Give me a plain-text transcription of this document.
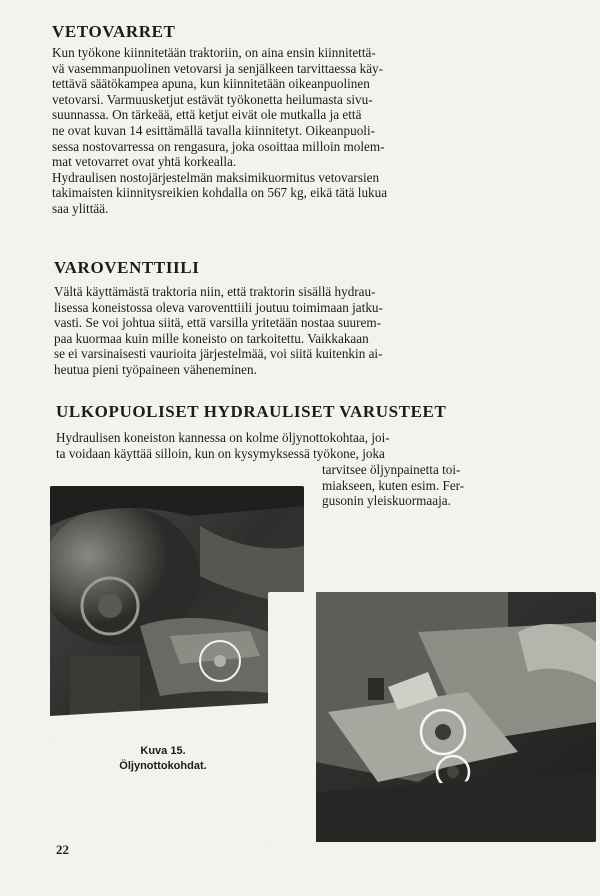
VETOVARRET
Kun työkone kiinnitetään traktoriin, on aina ensin kiinnitettä-
vä vasemmanpuolinen vetovarsi ja senjälkeen tarvittaessa käy-
tettävä säätökampea apuna, kun kiinnitetään oikeanpuolinen
vetovarsi. Varmuusketjut estävät työkonetta heilumasta sivu-
suunnassa. On tärkeää, että ketjut eivät ole mutkalla ja että
ne ovat kuvan 14 esittämällä tavalla kiinnitetyt. Oikeanpuoli-
sessa nostovarressa on rengasura, joka osoittaa milloin molem-
mat vetovarret ovat yhtä korkealla.
Hydraulisen nostojärjestelmän maksimikuormitus vetovarsien
takimaisten kiinnitysreikien kohdalla on 567 kg, eikä tätä lukua
saa ylittää.
VAROVENTTIILI
Vältä käyttämästä traktoria niin, että traktorin sisällä hydrau-
lisessa koneistossa oleva varoventtiili joutuu toimimaan jatku-
vasti. Se voi johtua siitä, että varsilla yritetään nostaa suurem-
paa kuormaa kuin mille koneisto on tarkoitettu. Vaikkakaan
se ei varsinaisesti vaurioita järjestelmää, voi siitä kuitenkin ai-
heutua pieni työpaineen väheneminen.
ULKOPUOLISET HYDRAULISET VARUSTEET
Hydraulisen koneiston kannessa on kolme öljynottokohtaa, joi-
ta voidaan käyttää silloin, kun on kysymyksessä työkone, joka
tarvitsee öljynpainetta toi-
miakseen, kuten esim. Fer-
gusonin yleiskuormaaja.
Kuva 15.
Öljynottokohdat.
22
